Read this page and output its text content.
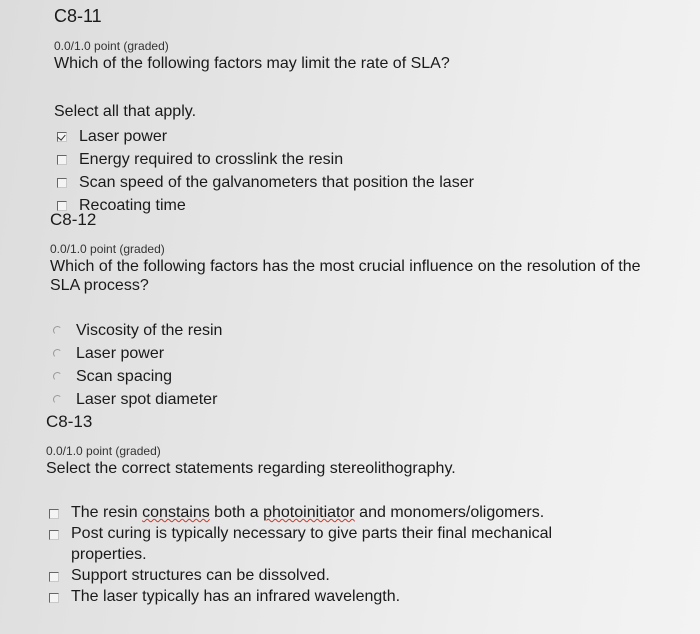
C8-11
0.0/1.0 point (graded)
Which of the following factors may limit the rate of SLA?
Select all that apply.
Laser power
Energy required to crosslink the resin
Scan speed of the galvanometers that position the laser
Recoating time
C8-12
0.0/1.0 point (graded)
Which of the following factors has the most crucial influence on the resolution of the SLA process?
Viscosity of the resin
Laser power
Scan spacing
Laser spot diameter
C8-13
0.0/1.0 point (graded)
Select the correct statements regarding stereolithography.
The resin constains both a photoinitiator and monomers/oligomers.
Post curing is typically necessary to give parts their final mechanical properties.
Support structures can be dissolved.
The laser typically has an infrared wavelength.
